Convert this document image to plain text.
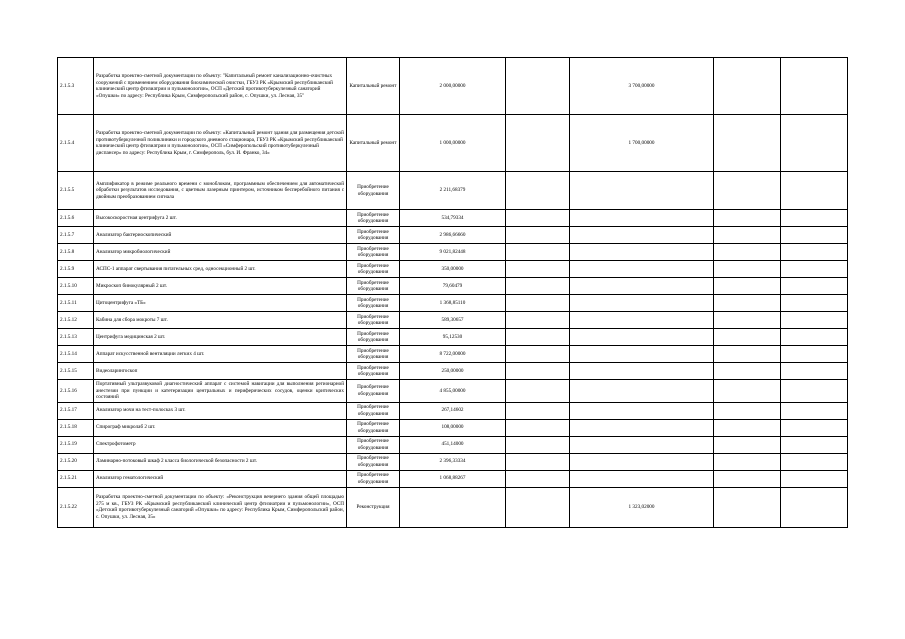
2.1.5.3	Разработка проектно-сметной документации по объекту: "Капитальный ремонт канализационно-очистных сооружений с применением оборудования биохимической очистки, ГБУЗ РК «Крымский республиканский клинический центр фтизиатрии и пульмонологии», ОСП «Детский противотуберкулезный санаторий «Опушки» по адресу: Республика Крым, Симферопольский район, с. Опушки, ул. Лесная, 35"	Капитальный ремонт	2 000,00000		3 700,00000		
2.1.5.4	Разработка проектно-сметной документации по объекту: «Капитальный ремонт здания для размещения детской противотуберкулезной поликлиники и городского дневного стационара, ГБУЗ РК «Крымский республиканский клинический центр фтизиатрии и пульмонологии», ОСП «Симферопольский противотуберкулезный диспансер» по адресу: Республика Крым, г. Симферополь, бул. И. Франко, 34»	Капитальный ремонт	1 000,00000		1 700,00000		
2.1.5.5	Амплификатор в режиме реального времени с моноблоком, программным обеспечением для автоматической обработки результатов исследования, с цветным лазерным принтером, источником бесперебойного питания с двойным преобразованием сигнала	Приобретение оборудования	2 211,68379				
2.1.5.6	Высокоскоростная центрифуга 2 шт.	Приобретение оборудования	534,79334				
2.1.5.7	Анализатор бактериоскопический	Приобретение оборудования	2 986,66660				
2.1.5.8	Анализатор микробиологический	Приобретение оборудования	9 021,82448				
2.1.5.9	АСПС-1 аппарат свертывания питательных сред, односекционный 2 шт.	Приобретение оборудования	350,00000				
2.1.5.10	Микроскоп бинокулярный 2 шт.	Приобретение оборудования	79,60479				
2.1.5.11	Цитоцентрифуга «ТБ»	Приобретение оборудования	1 368,85110				
2.1.5.12	Кабина для сбора мокроты 7 шт.	Приобретение оборудования	589,30657				
2.1.5.13	Центрифуга медицинская 2 шт.	Приобретение оборудования	95,12530				
2.1.5.14	Аппарат искусственной вентиляции легких 4 шт.	Приобретение оборудования	8 722,00000				
2.1.5.15	Видеоларингоскоп	Приобретение оборудования	250,00000				
2.1.5.16	Портативный ультразвуковой диагностический аппарат с системой навигации для выполнения регионарной анестезии при пункции и катетеризации центральных и периферических сосудов, оценки критических состояний	Приобретение оборудования	4 855,00000				
2.1.5.17	Анализатор мочи на тест-полосках 3 шт.	Приобретение оборудования	267,14602				
2.1.5.18	Спирограф микролаб 2 шт.	Приобретение оборудования	108,00000				
2.1.5.19	Спектрофотометр	Приобретение оборудования	451,14000				
2.1.5.20	Ламинарно-потоковый шкаф 2 класса биологической безопасности 2 шт.	Приобретение оборудования	2 396,33334				
2.1.5.21	Анализатор гематологический	Приобретение оборудования	1 068,88267				
2.1.5.22	Разработка проектно-сметной документации по объекту: «Реконструкция вечернего здания общей площадью 275 м кв., ГБУЗ РК «Крымский республиканский клинический центр фтизиатрии и пульмонологии», ОСП «Детский противотуберкулезный санаторий «Опушки» по адресу: Республика Крым, Симферопольский район, с. Опушки, ул. Лесная, 35»	Реконструкция			1 323,02000		
